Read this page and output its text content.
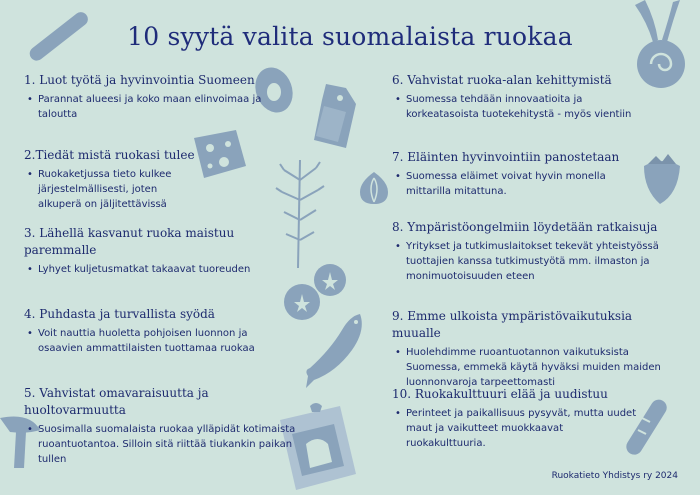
10 syytä valita suomalaista ruokaa
1. Luot työtä ja hyvinvointia Suomeen
• Parannat alueesi ja koko maan elinvoimaa ja taloutta
2.Tiedät mistä ruokasi tulee
• Ruokaketjussa tieto kulkee järjestelmällisesti, joten alkuperä on jäljitettävissä
3. Lähellä kasvanut ruoka maistuu paremmalle
• Lyhyet kuljetusmatkat takaavat tuoreuden
4. Puhdasta ja turvallista syödä
• Voit nauttia huoletta pohjoisen luonnon ja osaavien ammattilaisten tuottamaa ruokaa
5. Vahvistat omavaraisuutta ja huoltovarmuutta
• Suosimalla suomalaista ruokaa ylläpidät kotimaista ruoantuotantoa. Silloin sitä riittää tiukankin paikan tullen
6. Vahvistat ruoka-alan kehittymistä
• Suomessa tehdään innovaatioita ja korkeatasoista tuotekehitystä - myös vientiin
7. Eläinten hyvinvointiin panostetaan
• Suomessa eläimet voivat hyvin monella mittarilla mitattuna.
8. Ympäristöongelmiin löydetään ratkaisuja
• Yritykset ja tutkimuslaitokset tekevät yhteistyössä tuottajien kanssa tutkimustyötä mm. ilmaston ja monimuotoisuuden eteen
9. Emme ulkoista ympäristövaikutuksia muualle
• Huolehdimme ruoantuotannon vaikutuksista Suomessa, emmekä käytä hyväksi muiden maiden luonnonvaroja tarpeettomasti
10. Ruokakulttuuri elää ja uudistuu
• Perinteet ja paikallisuus pysyvät, mutta uudet maut ja vaikutteet muokkaavat ruokakulttuuria.
Ruokatieto Yhdistys ry 2024
